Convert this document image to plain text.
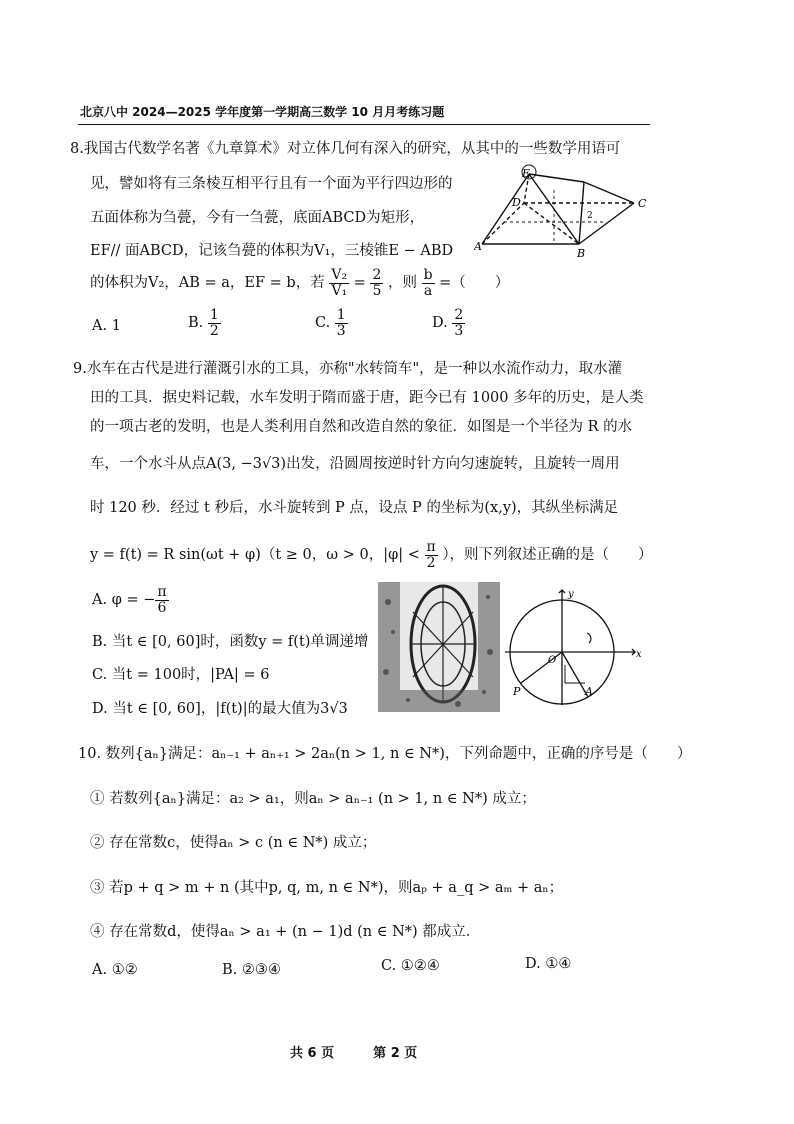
北京八中 2024—2025 学年度第一学期高三数学 10 月月考练习题
8.我国古代数学名著《九章算术》对立体几何有深入的研究，从其中的一些数学用语可
见，譬如将有三条棱互相平行且有一个面为平行四边形的
五面体称为刍甍，今有一刍甍，底面ABCD为矩形，
EF// 面ABCD，记该刍甍的体积为V₁，三棱锥E − ABD
的体积为V₂，AB = a，EF = b，若 $\frac{\text{V₂}}{\text{V₁}} = \frac{2}{5}$ ，则 $\frac{b}{a}$ =（　　）
A. 1	B. $\frac{1}{2}$	C. $\frac{1}{3}$	D. $\frac{2}{3}$
E
D	C
A
B
2
9.水车在古代是进行灌溉引水的工具，亦称"水转筒车"，是一种以水流作动力，取水灌
田的工具．据史料记载，水车发明于隋而盛于唐，距今已有 1000 多年的历史，是人类
的一项古老的发明，也是人类利用自然和改造自然的象征．如图是一个半径为 R 的水
车，一个水斗从点A(3, −3√3)出发，沿圆周按逆时针方向匀速旋转，且旋转一周用
时 120 秒．经过 t 秒后，水斗旋转到 P 点，设点 P 的坐标为(x,y)，其纵坐标满足
y = f(t) = R sin(ωt + φ)（t ≥ 0，ω > 0，$|\varphi| < \frac{\pi}{2}$ ），则下列叙述正确的是（　　）
A. φ = − $\frac{\pi}{6}$
B. 当t ∈ [0, 60]时，函数y = f(t)单调递增
C. 当t = 100时，|PA| = 6
D. 当t ∈ [0, 60]，|f(t)|的最大值为3√3
y
x
O
P	A
10. 数列{aₙ}满足：aₙ₋₁ + aₙ₊₁ > 2aₙ(n > 1, n ∈ N*)，下列命题中，正确的序号是（　　）
① 若数列{aₙ}满足：a₂ > a₁，则aₙ > aₙ₋₁ (n > 1, n ∈ N*) 成立；
② 存在常数c，使得aₙ > c (n ∈ N*) 成立；
③ 若p + q > m + n (其中p, q, m, n ∈ N*)，则aₚ + a_q > aₘ + aₙ；
④ 存在常数d，使得aₙ > a₁ + (n − 1)d (n ∈ N*) 都成立．
A. ①②	B. ②③④	C. ①②④	D. ①④
共 6 页	第 2 页
